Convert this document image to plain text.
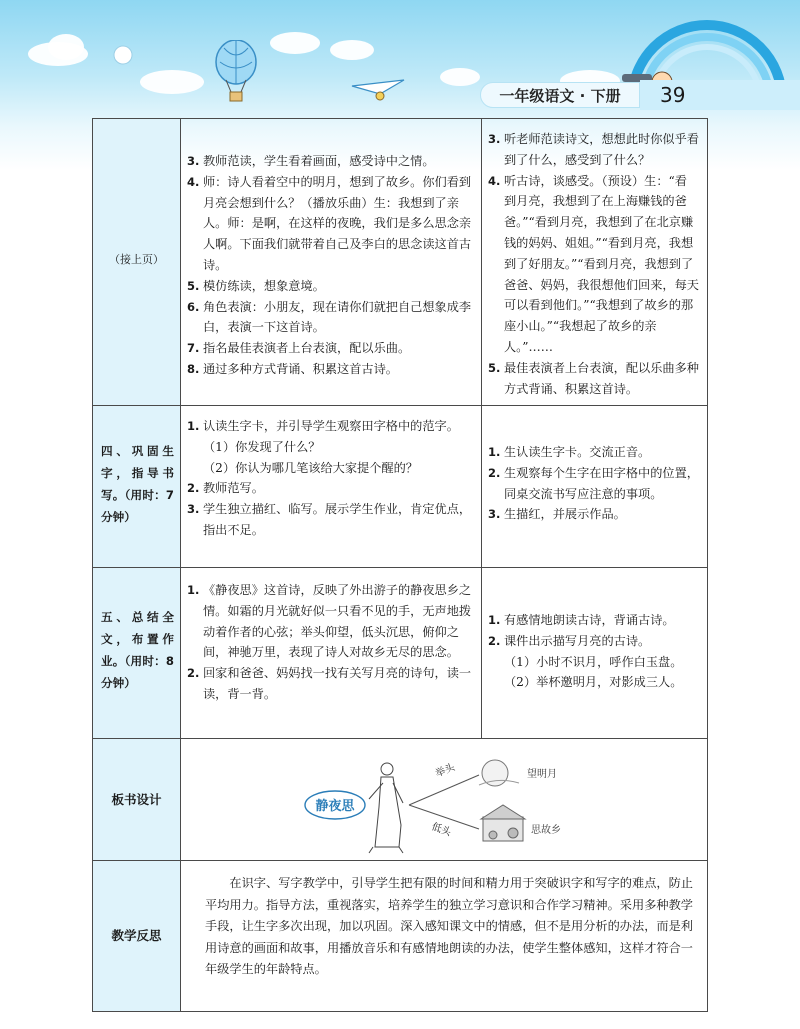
一年级语文 · 下册	39
（接上页）
3. 教师范读，学生看着画面，感受诗中之情。
4. 师：诗人看着空中的明月，想到了故乡。你们看到月亮会想到什么？（播放乐曲）生：我想到了亲人。师：是啊，在这样的夜晚，我们是多么思念亲人啊。下面我们就带着自己及李白的思念读这首古诗。
5. 模仿练读，想象意境。
6. 角色表演：小朋友，现在请你们就把自己想象成李白，表演一下这首诗。
7. 指名最佳表演者上台表演，配以乐曲。
8. 通过多种方式背诵、积累这首古诗。
3. 听老师范读诗文，想想此时你似乎看到了什么，感受到了什么？
4. 听古诗，谈感受。（预设）生：“看到月亮，我想到了在上海赚钱的爸爸。”“看到月亮，我想到了在北京赚钱的妈妈、姐姐。”“看到月亮，我想到了好朋友。”“看到月亮，我想到了爸爸、妈妈，我很想他们回来，每天可以看到他们。”“我想到了故乡的那座小山。”“我想起了故乡的亲人。”……
5. 最佳表演者上台表演，配以乐曲多种方式背诵、积累这首诗。
四、巩固生字，指导书写。（用时：7分钟）
1. 认读生字卡，并引导学生观察田字格中的范字。
（1）你发现了什么？
（2）你认为哪几笔该给大家提个醒的？
2. 教师范写。
3. 学生独立描红、临写。展示学生作业，肯定优点，指出不足。
1. 生认读生字卡。交流正音。
2. 生观察每个生字在田字格中的位置，同桌交流书写应注意的事项。
3. 生描红，并展示作品。
五、总结全文，布置作业。（用时：8分钟）
1. 《静夜思》这首诗，反映了外出游子的静夜思乡之情。如霜的月光就好似一只看不见的手，无声地拨动着作者的心弦；举头仰望，低头沉思，俯仰之间，神驰万里，表现了诗人对故乡无尽的思念。
2. 回家和爸爸、妈妈找一找有关写月亮的诗句，读一读，背一背。
1. 有感情地朗读古诗，背诵古诗。
2. 课件出示描写月亮的古诗。
（1）小时不识月，呼作白玉盘。
（2）举杯邀明月，对影成三人。
板书设计	静夜思
举头
低头
望明月
思故乡
教学反思
在识字、写字教学中，引导学生把有限的时间和精力用于突破识字和写字的难点，防止平均用力。指导方法，重视落实，培养学生的独立学习意识和合作学习精神。采用多种教学手段，让生字多次出现，加以巩固。深入感知课文中的情感，但不是用分析的办法，而是利用诗意的画面和故事，用播放音乐和有感情地朗读的办法，使学生整体感知，这样才符合一年级学生的年龄特点。
